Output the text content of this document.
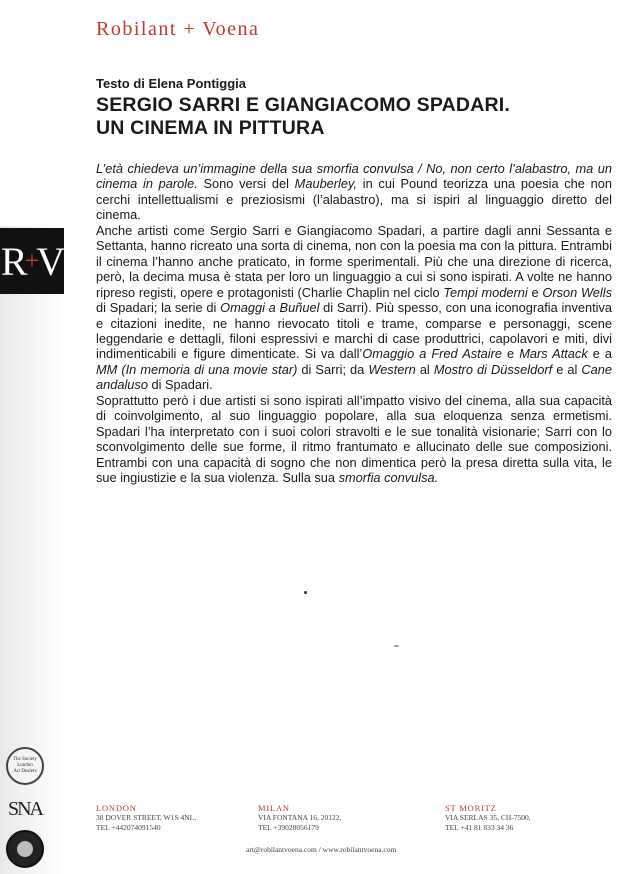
Robilant + Voena
R + V
Testo di Elena Pontiggia
SERGIO SARRI E GIANGIACOMO SPADARI.
UN CINEMA IN PITTURA

L’età chiedeva un’immagine della sua smorfia convulsa / No, non certo l’alabastro, ma un cinema in parole. Sono versi del Mauberley, in cui Pound teorizza una poesia che non cerchi intellettualismi e preziosismi (l’alabastro), ma si ispiri al linguaggio diretto del cinema.

Anche artisti come Sergio Sarri e Giangiacomo Spadari, a partire dagli anni Sessanta e Settanta, hanno ricreato una sorta di cinema, non con la poesia ma con la pittura. Entrambi il cinema l’hanno anche praticato, in forme sperimentali. Più che una direzione di ricerca, però, la decima musa è stata per loro un linguaggio a cui si sono ispirati. A volte ne hanno ripreso registi, opere e protagonisti (Charlie Chaplin nel ciclo Tempi moderni e Orson Wells di Spadari; la serie di Omaggi a Buñuel di Sarri). Più spesso, con una iconografia inventiva e citazioni inedite, ne hanno rievocato titoli e trame, comparse e personaggi, scene leggendarie e dettagli, filoni espressivi e marchi di case produttrici, capolavori e miti, divi indimenticabili e figure dimenticate. Si va dall’Omaggio a Fred Astaire e Mars Attack e a MM (In memoria di una movie star) di Sarri; da Western al Mostro di Düsseldorf e al Cane andaluso di Spadari.

Soprattutto però i due artisti si sono ispirati all’impatto visivo del cinema, alla sua capacità di coinvolgimento, al suo linguaggio popolare, alla sua eloquenza senza ermetismi. Spadari l’ha interpretato con i suoi colori stravolti e le sue tonalità visionarie; Sarri con lo sconvolgimento delle sue forme, il ritmo frantumato e allucinato delle sue composizioni. Entrambi con una capacità di sogno che non dimentica però la presa diretta sulla vita, le sue ingiustizie e la sua violenza. Sulla sua smorfia convulsa.

The Society
London
Art Dealers
SNA	LONDON
38 DOVER STREET, W1S 4NL,
TEL +442074091540
MILAN
VIA FONTANA 16, 20122,
TEL +39028056179
ST MORITZ
VIA SERLAS 35, CH-7500,
TEL +41 81 833 34 36
art@robilantvoena.com / www.robilantvoena.com
